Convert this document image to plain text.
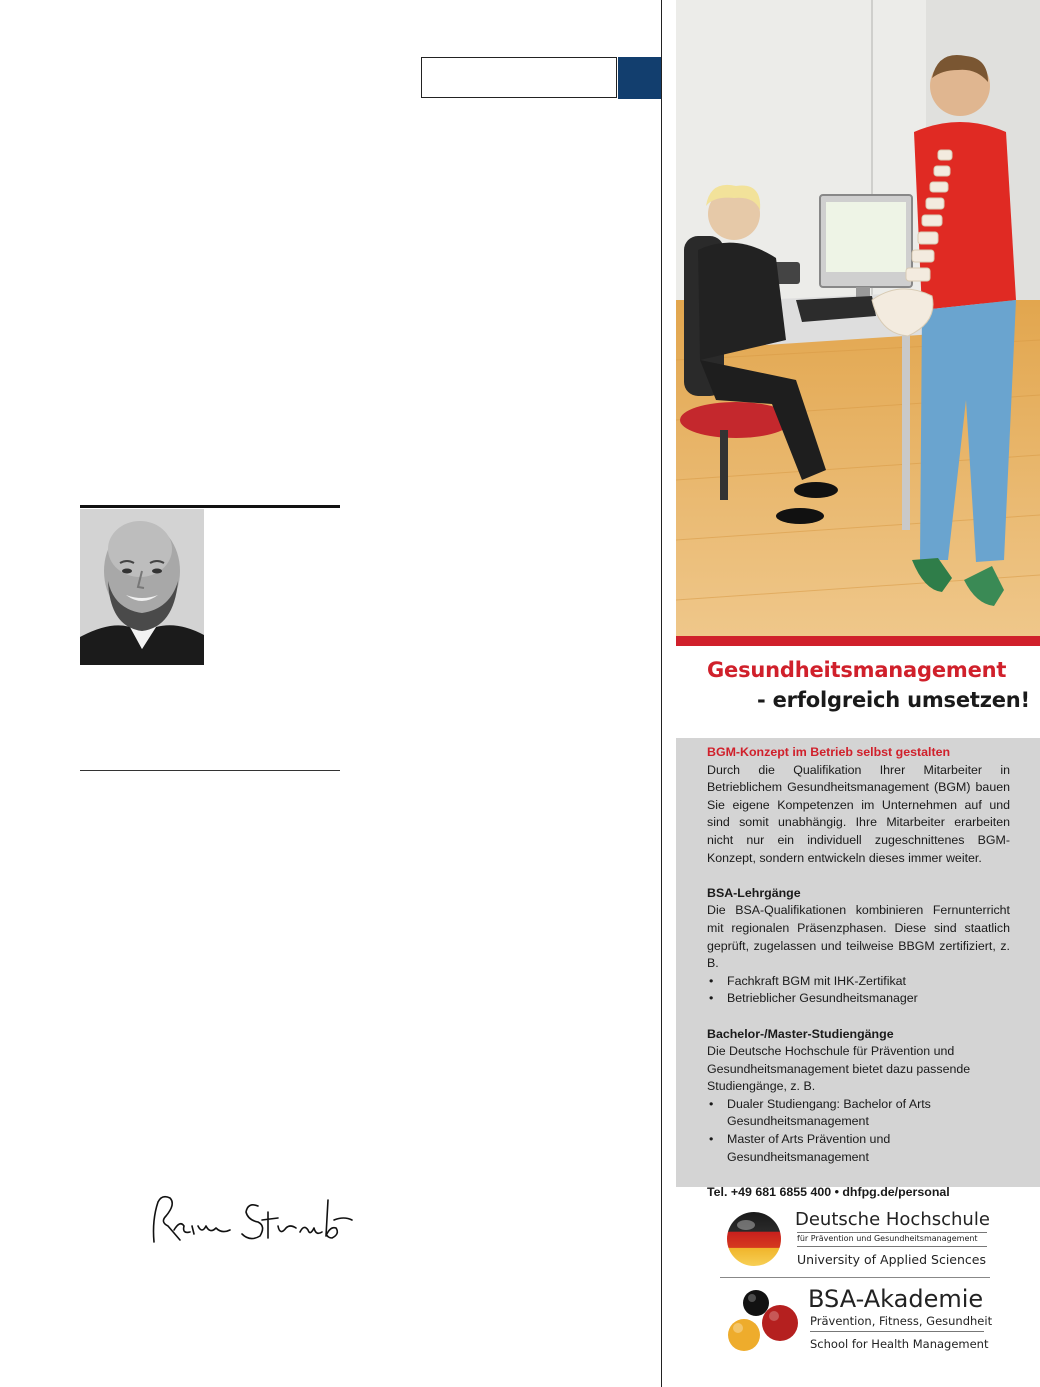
Gesundheitsmanagement
- erfolgreich umsetzen!
BGM-Konzept im Betrieb selbst gestalten

Durch die Qualifikation Ihrer Mitarbeiter in Betrieblichem Gesundheitsmanagement (BGM) bauen Sie eigene Kompetenzen im Unternehmen auf und sind somit unabhängig. Ihre Mitarbeiter erarbeiten nicht nur ein individuell zugeschnittenes BGM-Konzept, sondern entwickeln dieses immer weiter.

BSA-Lehrgänge

Die BSA-Qualifikationen kombinieren Fernunterricht mit regionalen Präsenzphasen. Diese sind staatlich geprüft, zugelassen und teilweise BBGM zertifiziert, z. B.

• Fachkraft BGM mit IHK-Zertifikat
• Betrieblicher Gesundheitsmanager
Bachelor-/Master-Studiengänge

Die Deutsche Hochschule für Prävention und Gesundheitsmanagement bietet dazu passende Studiengänge, z. B.

• Dualer Studiengang: Bachelor of Arts Gesundheitsmanagement
• Master of Arts Prävention und Gesundheitsmanagement
Tel. +49 681 6855 400 • dhfpg.de/personal
Deutsche Hochschule
für Prävention und Gesundheitsmanagement
University of Applied Sciences
BSA-Akademie
Prävention, Fitness, Gesundheit
School for Health Management
